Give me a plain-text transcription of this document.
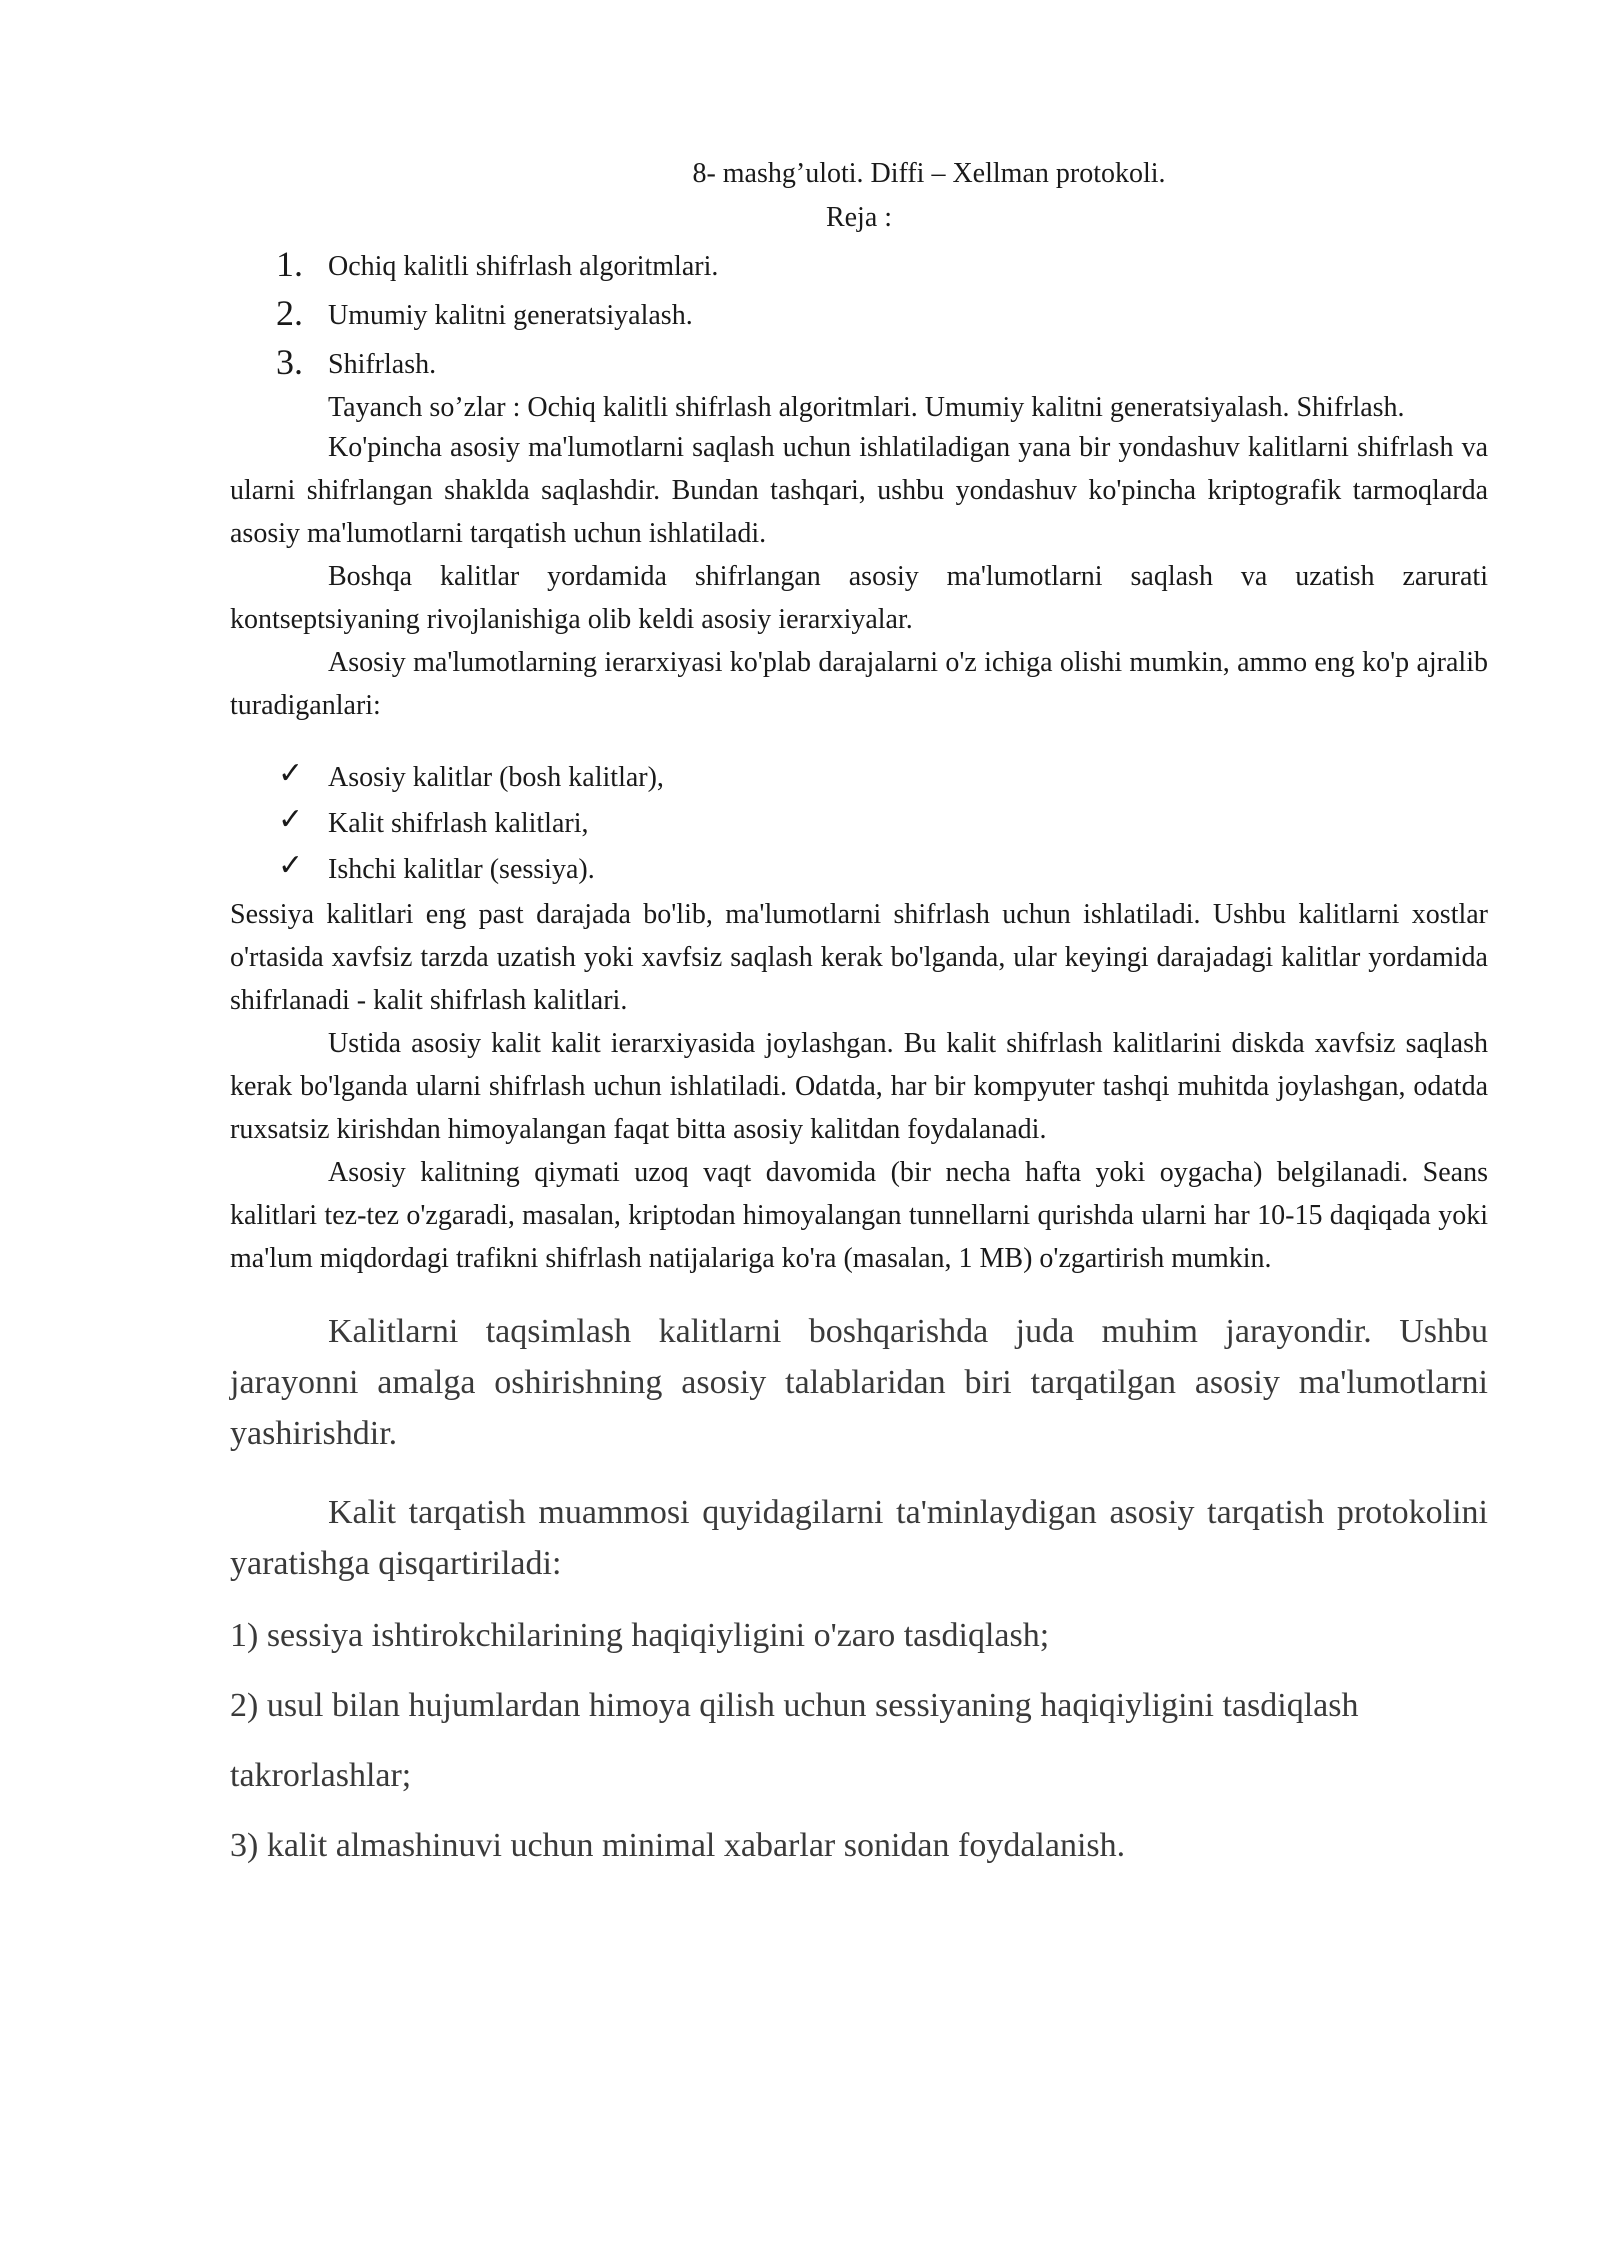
8- mashg’uloti. Diffi – Xellman protokoli.
Reja :
1. Ochiq kalitli shifrlash algoritmlari.
2. Umumiy kalitni generatsiyalash.
3. Shifrlash.
Tayanch so’zlar : Ochiq kalitli shifrlash algoritmlari. Umumiy kalitni generatsiyalash. Shifrlash.

Ko'pincha asosiy ma'lumotlarni saqlash uchun ishlatiladigan yana bir yondashuv kalitlarni shifrlash va ularni shifrlangan shaklda saqlashdir. Bundan tashqari, ushbu yondashuv ko'pincha kriptografik tarmoqlarda asosiy ma'lumotlarni tarqatish uchun ishlatiladi.

Boshqa kalitlar yordamida shifrlangan asosiy ma'lumotlarni saqlash va uzatish zarurati kontseptsiyaning rivojlanishiga olib keldi asosiy ierarxiyalar.

Asosiy ma'lumotlarning ierarxiyasi ko'plab darajalarni o'z ichiga olishi mumkin, ammo eng ko'p ajralib turadiganlari:

✓ Asosiy kalitlar (bosh kalitlar),
✓ Kalit shifrlash kalitlari,
✓ Ishchi kalitlar (sessiya).

Sessiya kalitlari eng past darajada bo'lib, ma'lumotlarni shifrlash uchun ishlatiladi. Ushbu kalitlarni xostlar o'rtasida xavfsiz tarzda uzatish yoki xavfsiz saqlash kerak bo'lganda, ular keyingi darajadagi kalitlar yordamida shifrlanadi - kalit shifrlash kalitlari.

Ustida asosiy kalit kalit ierarxiyasida joylashgan. Bu kalit shifrlash kalitlarini diskda xavfsiz saqlash kerak bo'lganda ularni shifrlash uchun ishlatiladi. Odatda, har bir kompyuter tashqi muhitda joylashgan, odatda ruxsatsiz kirishdan himoyalangan faqat bitta asosiy kalitdan foydalanadi.

Asosiy kalitning qiymati uzoq vaqt davomida (bir necha hafta yoki oygacha) belgilanadi. Seans kalitlari tez-tez o'zgaradi, masalan, kriptodan himoyalangan tunnellarni qurishda ularni har 10-15 daqiqada yoki ma'lum miqdordagi trafikni shifrlash natijalariga ko'ra (masalan, 1 MB) o'zgartirish mumkin.

Kalitlarni taqsimlash kalitlarni boshqarishda juda muhim jarayondir. Ushbu jarayonni amalga oshirishning asosiy talablaridan biri tarqatilgan asosiy ma'lumotlarni yashirishdir.

Kalit tarqatish muammosi quyidagilarni ta'minlaydigan asosiy tarqatish protokolini yaratishga qisqartiriladi:

1) sessiya ishtirokchilarining haqiqiyligini o'zaro tasdiqlash;

2) usul bilan hujumlardan himoya qilish uchun sessiyaning haqiqiyligini tasdiqlash

takrorlashlar;

3) kalit almashinuvi uchun minimal xabarlar sonidan foydalanish.
